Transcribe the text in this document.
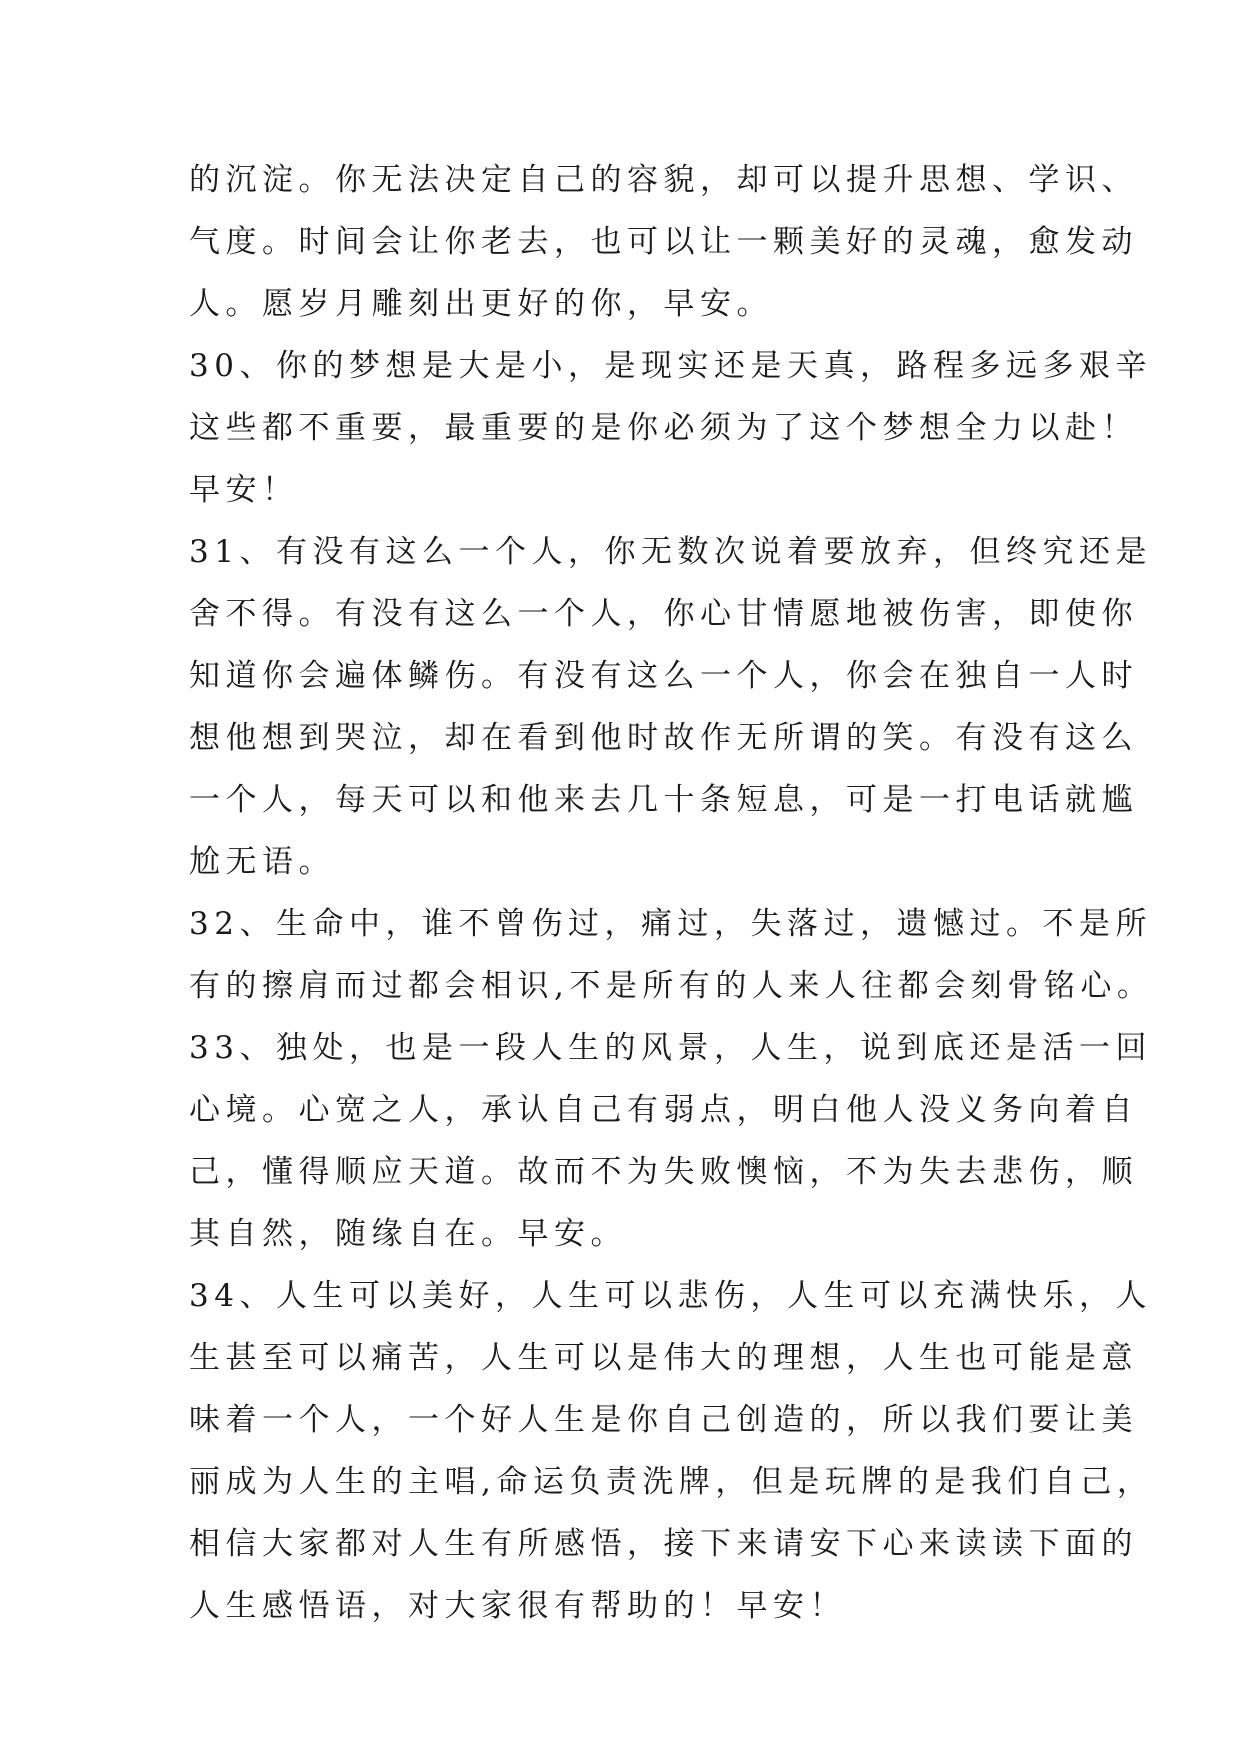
的沉淀。你无法决定自己的容貌，却可以提升思想、学识、
气度。时间会让你老去，也可以让一颗美好的灵魂，愈发动
人。愿岁月雕刻出更好的你，早安。

30、你的梦想是大是小，是现实还是天真，路程多远多艰辛
这些都不重要，最重要的是你必须为了这个梦想全力以赴！
早安！

31、有没有这么一个人，你无数次说着要放弃，但终究还是
舍不得。有没有这么一个人，你心甘情愿地被伤害，即使你
知道你会遍体鳞伤。有没有这么一个人，你会在独自一人时
想他想到哭泣，却在看到他时故作无所谓的笑。有没有这么
一个人，每天可以和他来去几十条短息，可是一打电话就尴
尬无语。

32、生命中，谁不曾伤过，痛过，失落过，遗憾过。不是所
有的擦肩而过都会相识,不是所有的人来人往都会刻骨铭心。

33、独处，也是一段人生的风景，人生，说到底还是活一回
心境。心宽之人，承认自己有弱点，明白他人没义务向着自
己，懂得顺应天道。故而不为失败懊恼，不为失去悲伤，顺
其自然，随缘自在。早安。

34、人生可以美好，人生可以悲伤，人生可以充满快乐，人
生甚至可以痛苦，人生可以是伟大的理想，人生也可能是意
味着一个人，一个好人生是你自己创造的，所以我们要让美
丽成为人生的主唱,命运负责洗牌，但是玩牌的是我们自己，
相信大家都对人生有所感悟，接下来请安下心来读读下面的
人生感悟语，对大家很有帮助的！早安！
